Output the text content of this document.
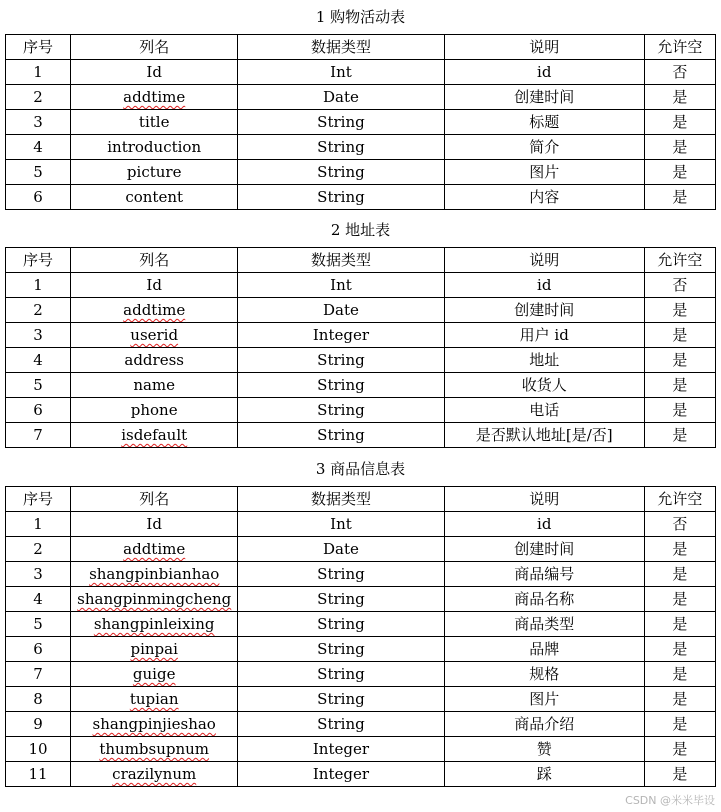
1 购物活动表
序号	列名	数据类型	说明	允许空
1	Id	Int	id	否
2	addtime	Date	创建时间	是
3	title	String	标题	是
4	introduction	String	简介	是
5	picture	String	图片	是
6	content	String	内容	是
2 地址表
序号	列名	数据类型	说明	允许空
1	Id	Int	id	否
2	addtime	Date	创建时间	是
3	userid	Integer	用户 id	是
4	address	String	地址	是
5	name	String	收货人	是
6	phone	String	电话	是
7	isdefault	String	是否默认地址[是/否]	是
3 商品信息表
序号	列名	数据类型	说明	允许空
1	Id	Int	id	否
2	addtime	Date	创建时间	是
3	shangpinbianhao	String	商品编号	是
4	shangpinmingcheng	String	商品名称	是
5	shangpinleixing	String	商品类型	是
6	pinpai	String	品牌	是
7	guige	String	规格	是
8	tupian	String	图片	是
9	shangpinjieshao	String	商品介绍	是
10	thumbsupnum	Integer	赞	是
11	crazilynum	Integer	踩	是
CSDN @米米毕设
